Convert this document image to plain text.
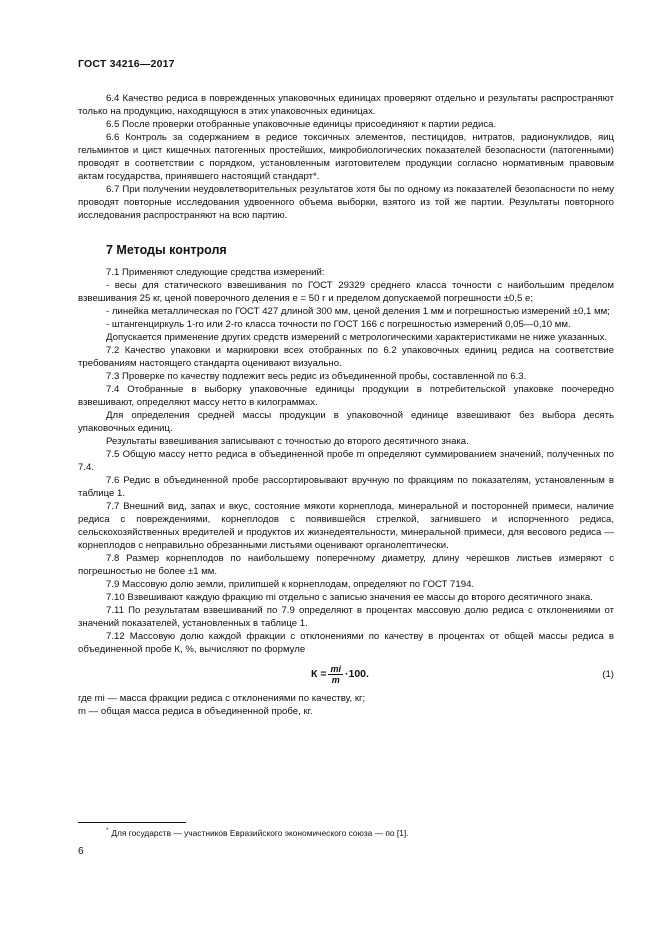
ГОСТ 34216—2017

6.4 Качество редиса в поврежденных упаковочных единицах проверяют отдельно и результаты распространяют только на продукцию, находящуюся в этих упаковочных единицах.

6.5 После проверки отобранные упаковочные единицы присоединяют к партии редиса.

6.6 Контроль за содержанием в редисе токсичных элементов, пестицидов, нитратов, радионуклидов, яиц гельминтов и цист кишечных патогенных простейших, микробиологических показателей безопасности (патогенными) проводят в соответствии с порядком, установленным изготовителем продукции согласно нормативным правовым актам государства, принявшего настоящий стандарт*.

6.7 При получении неудовлетворительных результатов хотя бы по одному из показателей безопасности по нему проводят повторные исследования удвоенного объема выборки, взятого из той же партии. Результаты повторного исследования распространяют на всю партию.

7 Методы контроля

7.1 Применяют следующие средства измерений:

- весы для статического взвешивания по ГОСТ 29329 среднего класса точности с наибольшим пределом взвешивания 25 кг, ценой поверочного деления е = 50 г и пределом допускаемой погрешности ±0,5 е;

- линейка металлическая по ГОСТ 427 длиной 300 мм, ценой деления 1 мм и погрешностью измерений ±0,1 мм;

- штангенциркуль 1-го или 2-го класса точности по ГОСТ 166 с погрешностью измерений 0,05—0,10 мм.

Допускается применение других средств измерений с метрологическими характеристиками не ниже указанных.

7.2 Качество упаковки и маркировки всех отобранных по 6.2 упаковочных единиц редиса на соответствие требованиям настоящего стандарта оценивают визуально.

7.3 Проверке по качеству подлежит весь редис из объединенной пробы, составленной по 6.3.

7.4 Отобранные в выборку упаковочные единицы продукции в потребительской упаковке поочередно взвешивают, определяют массу нетто в килограммах.

Для определения средней массы продукции в упаковочной единице взвешивают без выбора десять упаковочных единиц.

Результаты взвешивания записывают с точностью до второго десятичного знака.

7.5 Общую массу нетто редиса в объединенной пробе m определяют суммированием значений, полученных по 7.4.

7.6 Редис в объединенной пробе рассортировывают вручную по фракциям по показателям, установленным в таблице 1.

7.7 Внешний вид, запах и вкус, состояние мякоти корнеплода, минеральной и посторонней примеси, наличие редиса с повреждениями, корнеплодов с появившейся стрелкой, загнившего и испорченного редиса, сельскохозяйственных вредителей и продуктов их жизнедеятельности, минеральной примеси, для весового редиса — корнеплодов с неправильно обрезанными листьями оценивают органолептически.

7.8 Размер корнеплодов по наибольшему поперечному диаметру, длину черешков листьев измеряют с погрешностью не более ±1 мм.

7.9 Массовую долю земли, прилипшей к корнеплодам, определяют по ГОСТ 7194.

7.10 Взвешивают каждую фракцию mi отдельно с записью значения ее массы до второго десятичного знака.

7.11 По результатам взвешиваний по 7.9 определяют в процентах массовую долю редиса с отклонениями от значений показателей, установленных в таблице 1.

7.12 Массовую долю каждой фракции с отклонениями по качеству в процентах от общей массы редиса в объединенной пробе К, %, вычисляют по формуле

$К = \frac{mi}{m} \cdot 100$.	(1)

где mi — масса фракции редиса с отклонениями по качеству, кг;

m — общая масса редиса в объединенной пробе, кг.

* Для государств — участников Евразийского экономического союза — по [1].
6
